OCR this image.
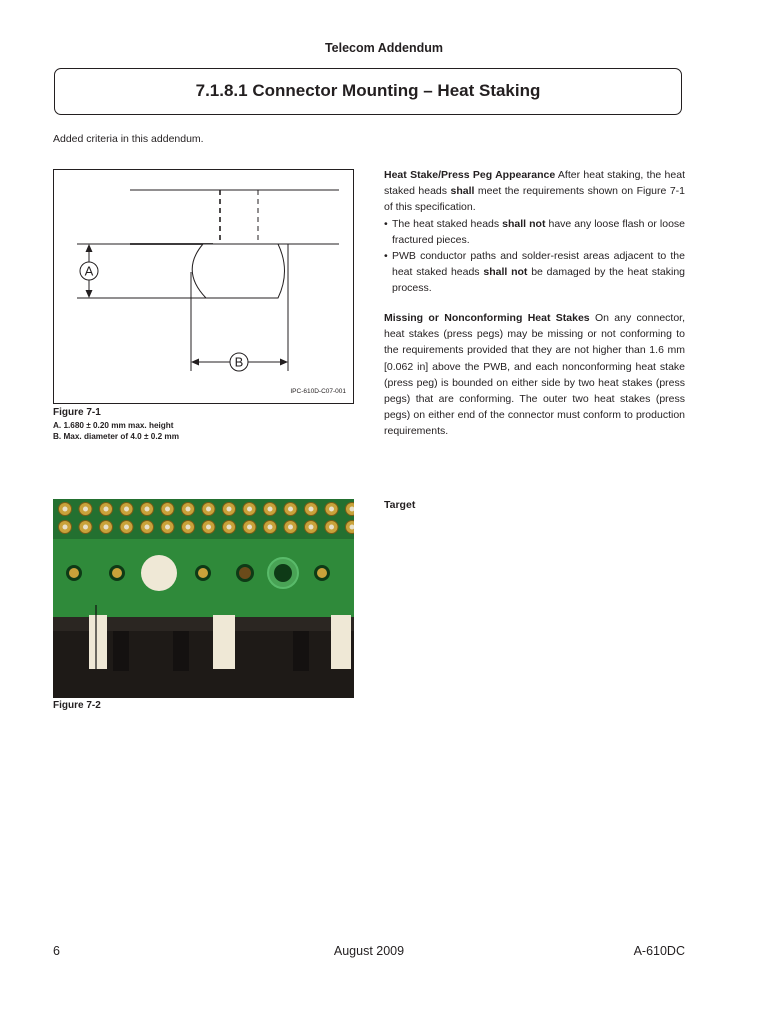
Telecom Addendum
7.1.8.1 Connector Mounting – Heat Staking
Added criteria in this addendum.
A
B
IPC-610D-C07-001
Figure 7-1
A. 1.680 ± 0.20 mm max. height
B. Max. diameter of 4.0 ± 0.2 mm
Figure 7-2
Target

Heat Stake/Press Peg Appearance After heat staking, the heat staked heads shall meet the requirements shown on Figure 7-1 of this specification.

• The heat staked heads shall not have any loose flash or loose fractured pieces.

• PWB conductor paths and solder-resist areas adjacent to the heat staked heads shall not be damaged by the heat staking process.

Missing or Nonconforming Heat Stakes On any connector, heat stakes (press pegs) may be missing or not conforming to the requirements provided that they are not higher than 1.6 mm [0.062 in] above the PWB, and each nonconforming heat stake (press peg) is bounded on either side by two heat stakes (press pegs) that are conforming. The outer two heat stakes (press pegs) on either end of the connector must conform to production requirements.

6	August 2009	A-610DC
